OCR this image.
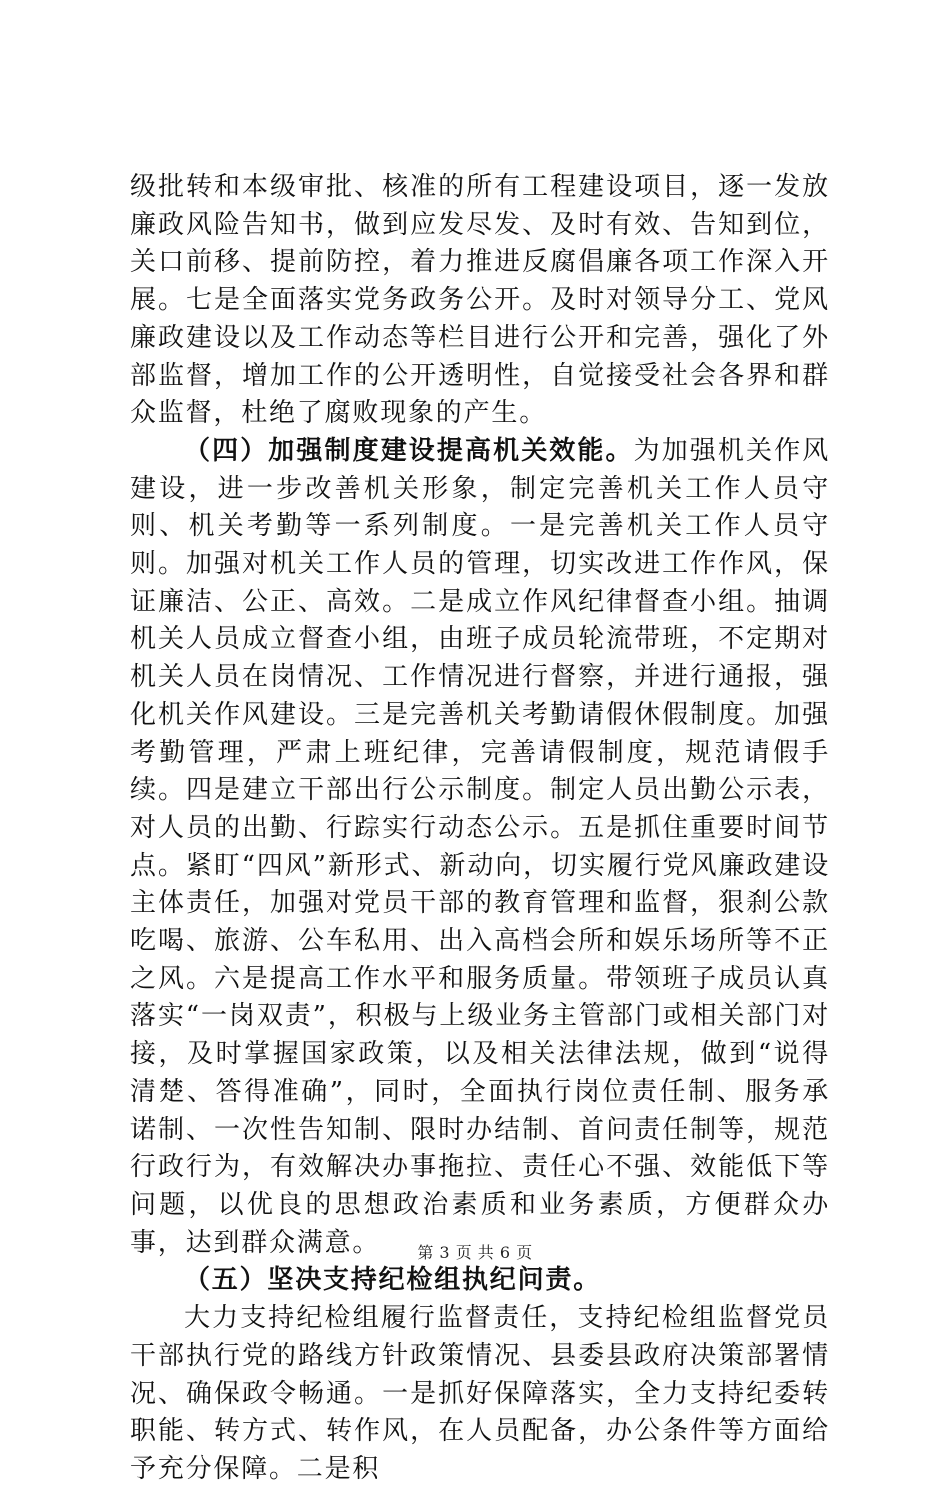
级批转和本级审批、核准的所有工程建设项目，逐一发放廉政风险告知书，做到应发尽发、及时有效、告知到位，关口前移、提前防控，着力推进反腐倡廉各项工作深入开展。七是全面落实党务政务公开。及时对领导分工、党风廉政建设以及工作动态等栏目进行公开和完善，强化了外部监督，增加工作的公开透明性，自觉接受社会各界和群众监督，杜绝了腐败现象的产生。

（四）加强制度建设提高机关效能。为加强机关作风建设，进一步改善机关形象，制定完善机关工作人员守则、机关考勤等一系列制度。一是完善机关工作人员守则。加强对机关工作人员的管理，切实改进工作作风，保证廉洁、公正、高效。二是成立作风纪律督查小组。抽调机关人员成立督查小组，由班子成员轮流带班，不定期对机关人员在岗情况、工作情况进行督察，并进行通报，强化机关作风建设。三是完善机关考勤请假休假制度。加强考勤管理，严肃上班纪律，完善请假制度，规范请假手续。四是建立干部出行公示制度。制定人员出勤公示表，对人员的出勤、行踪实行动态公示。五是抓住重要时间节点。紧盯“四风”新形式、新动向，切实履行党风廉政建设主体责任，加强对党员干部的教育管理和监督，狠刹公款吃喝、旅游、公车私用、出入高档会所和娱乐场所等不正之风。六是提高工作水平和服务质量。带领班子成员认真落实“一岗双责”，积极与上级业务主管部门或相关部门对接，及时掌握国家政策，以及相关法律法规，做到“说得清楚、答得准确”，同时，全面执行岗位责任制、服务承诺制、一次性告知制、限时办结制、首问责任制等，规范行政行为，有效解决办事拖拉、责任心不强、效能低下等问题，以优良的思想政治素质和业务素质，方便群众办事，达到群众满意。

（五）坚决支持纪检组执纪问责。

大力支持纪检组履行监督责任，支持纪检组监督党员干部执行党的路线方针政策情况、县委县政府决策部署情况、确保政令畅通。一是抓好保障落实，全力支持纪委转职能、转方式、转作风，在人员配备，办公条件等方面给予充分保障。二是积

第 3 页 共 6 页
